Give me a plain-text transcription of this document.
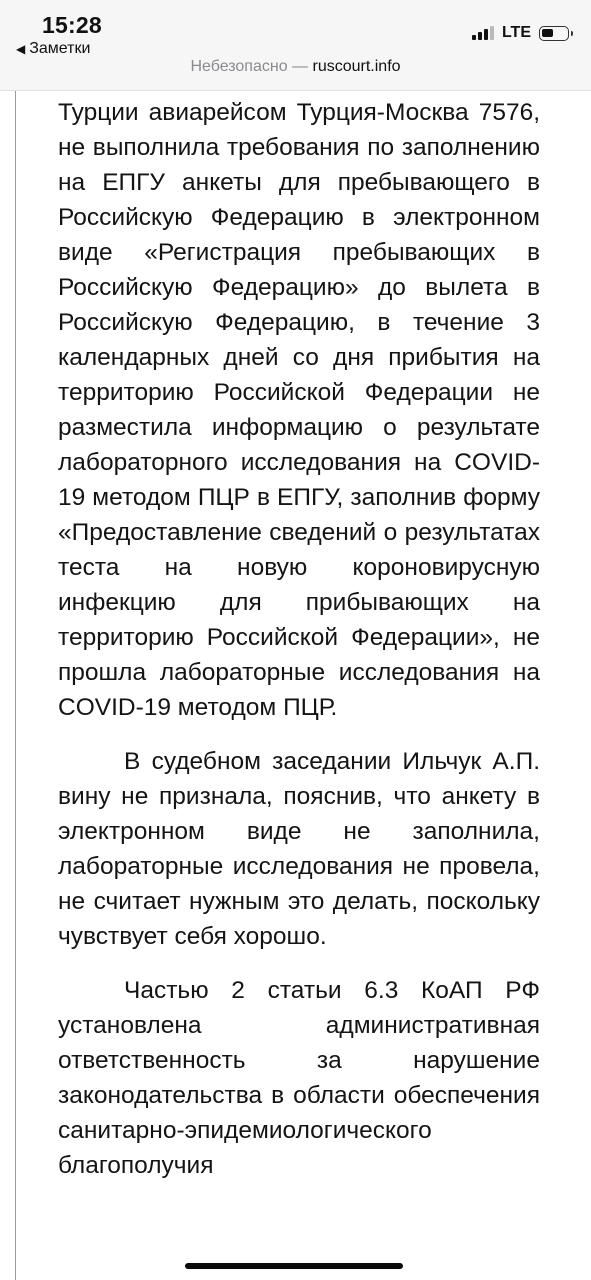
15:28
◀ Заметки
LTE
Небезопасно — ruscourt.info

Турции авиарейсом Турция-Москва 7576, не выполнила требования по заполнению на ЕПГУ анкеты для пребывающего в Российскую Федерацию в электронном виде «Регистрация пребывающих в Российскую Федерацию» до вылета в Российскую Федерацию, в течение 3 календарных дней со дня прибытия на территорию Российской Федерации не разместила информацию о результате лабораторного исследования на COVID-19 методом ПЦР в ЕПГУ, заполнив форму «Предоставление сведений о результатах теста на новую короновирусную инфекцию для прибывающих на территорию Российской Федерации», не прошла лабораторные исследования на COVID-19 методом ПЦР.

В судебном заседании Ильчук А.П. вину не признала, пояснив, что анкету в электронном виде не заполнила, лабораторные исследования не провела, не считает нужным это делать, поскольку чувствует себя хорошо.

Частью 2 статьи 6.3 КоАП РФ установлена административная ответственность за нарушение законодательства в области обеспечения санитарно-эпидемиологического благополучия
